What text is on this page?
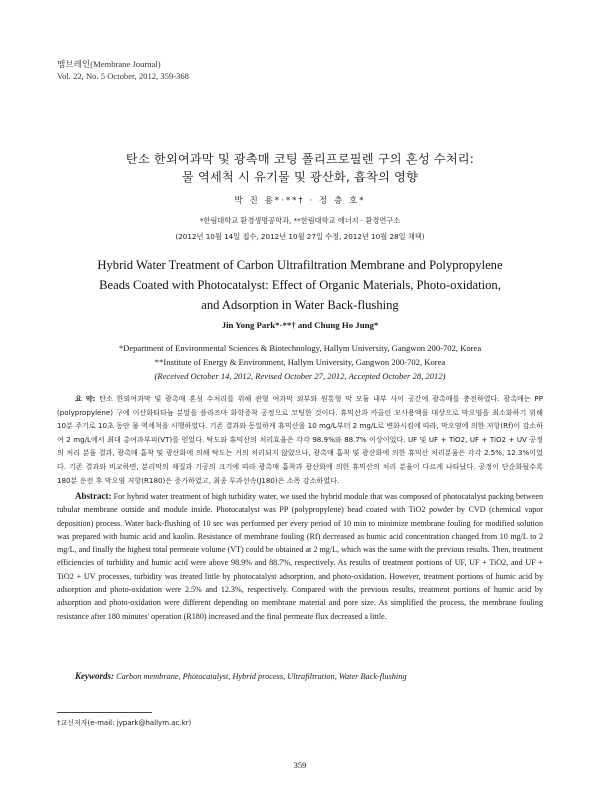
멤브레인(Membrane Journal)
Vol. 22, No. 5 October, 2012, 359-368
탄소 한외여과막 및 광촉매 코팅 폴리프로필렌 구의 혼성 수처리:
물 역세척 시 유기물 및 광산화, 흡착의 영향
박 진 용*·**† · 정 층 호*
*한림대학교 환경생명공학과, **한림대학교 에너지 · 환경연구소
(2012년 10월 14일 접수, 2012년 10월 27일 수정, 2012년 10월 28일 채택)
Hybrid Water Treatment of Carbon Ultrafiltration Membrane and Polypropylene
Beads Coated with Photocatalyst: Effect of Organic Materials, Photo-oxidation,
and Adsorption in Water Back-flushing
Jin Yong Park*·**† and Chung Ho Jung*
*Department of Environmental Sciences & Biotechnology, Hallym University, Gangwon 200-702, Korea
**Institute of Energy & Environment, Hallym University, Gangwon 200-702, Korea
(Received October 14, 2012, Revised October 27, 2012, Accepted October 28, 2012)
요 약: 탄소 한외여과막 및 광촉매 혼성 수처리를 위해 관형 여과막 외부와 원통형 막 모듈 내부 사이 공간에 광촉매를 충전하였다. 광촉매는 PP (polypropylene) 구에 이산화티타늄 분말을 플라즈마 화학증착 공정으로 코팅한 것이다. 휴믹산과 카올린 모사용액을 대상으로 막오염을 최소화하기 위해 10분 주기로 10초 동안 물 역세척을 시행하였다. 기존 결과와 동일하게 휴믹산을 10 mg/L부터 2 mg/L로 변화시킴에 따라, 막오염에 의한 저항(Rf)이 감소하여 2 mg/L에서 최대 총여과부피(VT)를 얻었다. 탁도와 휴믹산의 처리효율은 각각 98.9%와 88.7% 이상이었다. UF 및 UF + TiO2, UF + TiO2 + UV 공정의 처리 분율 결과, 광촉매 흡착 및 광산화에 의해 탁도는 거의 처리되지 않았으나, 광촉매 흡착 및 광산화에 의한 휴믹산 처리분율은 각각 2.5%, 12.3%이었다. 기존 결과와 비교하면, 분리막의 재질과 기공의 크기에 따라 광촉매 흡착과 광산화에 의한 휴믹산의 처리 분율이 다르게 나타났다. 공정이 단순화될수록 180분 운전 후 막오염 저항(R180)은 증가하였고, 최종 투과선속(J180)은 소폭 감소하였다.
Abstract: For hybrid water treatment of high turbidity water, we used the hybrid module that was composed of photocatalyst packing between tubular membrane outside and module inside. Photocatalyst was PP (polypropylene) bead coated with TiO2 powder by CVD (chemical vapor deposition) process. Water back-flushing of 10 sec was performed per every period of 10 min to minimize membrane fouling for modified solution was prepared with humic acid and kaolin. Resistance of membrane fouling (Rf) decreased as humic acid concentration changed from 10 mg/L to 2 mg/L, and finally the highest total permeate volume (VT) could be obtained at 2 mg/L, which was the same with the previous results. Then, treatment efficiencies of turbidity and humic acid were above 98.9% and 88.7%, respectively. As results of treatment portions of UF, UF + TiO2, and UF + TiO2 + UV processes, turbidity was treated little by photocatalyst adsorption, and photo-oxidation. However, treatment portions of humic acid by adsorption and photo-oxidation were 2.5% and 12.3%, respectively. Compared with the previous results, treatment portions of humic acid by adsorption and photo-oxidation were different depending on membrane material and pore size. As simplified the process, the membrane fouling resistance after 180 minutes' operation (R180) increased and the final permeate flux decreased a little.
Keywords: Carbon membrane, Photocatalyst, Hybrid process, Ultrafiltration, Water Back-flushing
†교신저자(e-mail: jypark@hallym.ac.kr)
359
